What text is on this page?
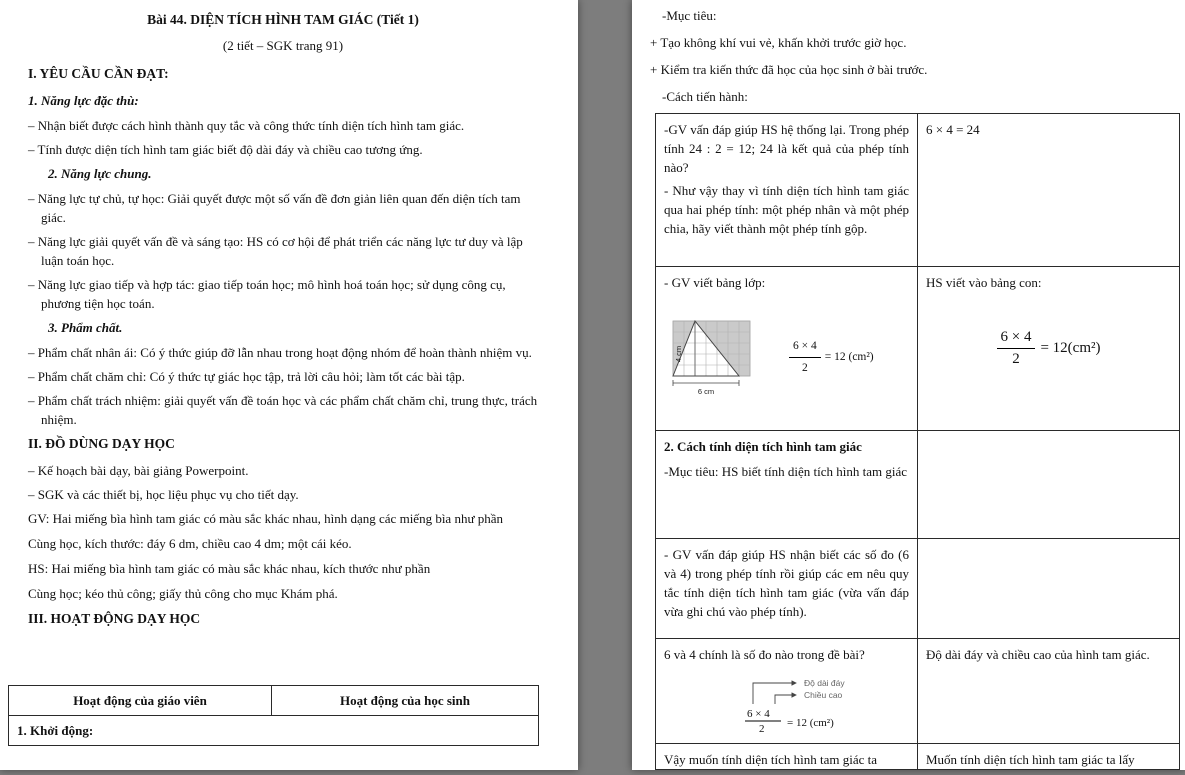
Bài 44. DIỆN TÍCH HÌNH TAM GIÁC (Tiết 1)

(2 tiết – SGK trang 91)

I. YÊU CẦU CẦN ĐẠT:
1. Năng lực đặc thù:

– Nhận biết được cách hình thành quy tắc và công thức tính diện tích hình tam giác.

– Tính được diện tích hình tam giác biết độ dài đáy và chiều cao tương ứng.

2. Năng lực chung.

– Năng lực tự chủ, tự học: Giải quyết được một số vấn đề đơn giản liên quan đến diện tích tam giác.

– Năng lực giải quyết vấn đề và sáng tạo: HS có cơ hội để phát triển các năng lực tư duy và lập luận toán học.

– Năng lực giao tiếp và hợp tác: giao tiếp toán học; mô hình hoá toán học; sử dụng công cụ, phương tiện học toán.

3. Phẩm chất.

– Phẩm chất nhân ái: Có ý thức giúp đỡ lẫn nhau trong hoạt động nhóm để hoàn thành nhiệm vụ.

– Phẩm chất chăm chỉ: Có ý thức tự giác học tập, trả lời câu hỏi; làm tốt các bài tập.

– Phẩm chất trách nhiệm: giải quyết vấn đề toán học và các phẩm chất chăm chỉ, trung thực, trách nhiệm.

II. ĐỒ DÙNG DẠY HỌC

– Kế hoạch bài dạy, bài giảng Powerpoint.

– SGK và các thiết bị, học liệu phục vụ cho tiết dạy.

GV: Hai miếng bìa hình tam giác có màu sắc khác nhau, hình dạng các miếng bìa như phần

Cùng học, kích thước: đáy 6 dm, chiều cao 4 dm; một cái kéo.

HS: Hai miếng bìa hình tam giác có màu sắc khác nhau, kích thước như phần

Cùng học; kéo thủ công; giấy thủ công cho mục Khám phá.

III. HOẠT ĐỘNG DẠY HỌC
Hoạt động của giáo viên	Hoạt động của học sinh
1. Khởi động:

-Mục tiêu:

+ Tạo không khí vui vẻ, khấn khởi trước giờ học.

+ Kiểm tra kiến thức đã học của học sinh ở bài trước.

-Cách tiến hành:

-GV vấn đáp giúp HS hệ thống lại. Trong phép tính 24 : 2 = 12; 24 là kết quả của phép tính nào?

- Như vậy thay vì tính diện tích hình tam giác qua hai phép tính: một phép nhân và một phép chia, hãy viết thành một phép tính gộp.

6 × 4 = 24

- GV viết bảng lớp:

4 cm
6 cm
$\frac{6 \times 4}{2} = 12$ (cm²)

HS viết vào bảng con:

$\frac{6 \times 4}{2} = 12(cm^2)$

2. Cách tính diện tích hình tam giác

-Mục tiêu: HS biết tính diện tích hình tam giác

- GV vấn đáp giúp HS nhận biết các số đo (6 và 4) trong phép tính rồi giúp các em nêu quy tắc tính diện tích hình tam giác (vừa vấn đáp vừa ghi chú vào phép tính).

6 và 4 chính là số đo nào trong đề bài?

Độ dài đáy
Chiều cao
6 × 4
2 = 12 (cm²)

Độ dài đáy và chiều cao của hình tam giác.

Vậy muốn tính diện tích hình tam giác ta	Muốn tính diện tích hình tam giác ta lấy
